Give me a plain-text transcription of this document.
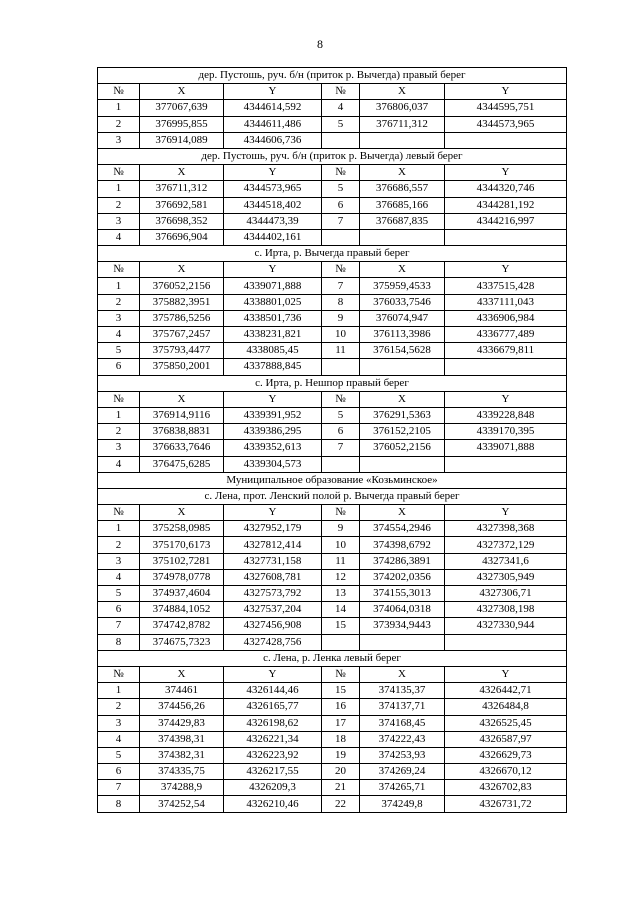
8
дер. Пустошь, руч. б/н (приток р. Вычегда) правый берег					
№	X	Y	№	X	Y
1	377067,639	4344614,592	4	376806,037	4344595,751
2	376995,855	4344611,486	5	376711,312	4344573,965
3	376914,089	4344606,736			
дер. Пустошь, руч. б/н (приток р. Вычегда) левый берег					
№	X	Y	№	X	Y
1	376711,312	4344573,965	5	376686,557	4344320,746
2	376692,581	4344518,402	6	376685,166	4344281,192
3	376698,352	4344473,39	7	376687,835	4344216,997
4	376696,904	4344402,161			
с. Ирта, р. Вычегда правый берег					
№	X	Y	№	X	Y
1	376052,2156	4339071,888	7	375959,4533	4337515,428
2	375882,3951	4338801,025	8	376033,7546	4337111,043
3	375786,5256	4338501,736	9	376074,947	4336906,984
4	375767,2457	4338231,821	10	376113,3986	4336777,489
5	375793,4477	4338085,45	11	376154,5628	4336679,811
6	375850,2001	4337888,845			
с. Ирта, р. Нешпор правый берег					
№	X	Y	№	X	Y
1	376914,9116	4339391,952	5	376291,5363	4339228,848
2	376838,8831	4339386,295	6	376152,2105	4339170,395
3	376633,7646	4339352,613	7	376052,2156	4339071,888
4	376475,6285	4339304,573			
Муниципальное образование «Козьминское»					
с. Лена, прот. Ленский полой р. Вычегда правый берег					
№	X	Y	№	X	Y
1	375258,0985	4327952,179	9	374554,2946	4327398,368
2	375170,6173	4327812,414	10	374398,6792	4327372,129
3	375102,7281	4327731,158	11	374286,3891	4327341,6
4	374978,0778	4327608,781	12	374202,0356	4327305,949
5	374937,4604	4327573,792	13	374155,3013	4327306,71
6	374884,1052	4327537,204	14	374064,0318	4327308,198
7	374742,8782	4327456,908	15	373934,9443	4327330,944
8	374675,7323	4327428,756			
с. Лена, р. Ленка левый берег					
№	X	Y	№	X	Y
1	374461	4326144,46	15	374135,37	4326442,71
2	374456,26	4326165,77	16	374137,71	4326484,8
3	374429,83	4326198,62	17	374168,45	4326525,45
4	374398,31	4326221,34	18	374222,43	4326587,97
5	374382,31	4326223,92	19	374253,93	4326629,73
6	374335,75	4326217,55	20	374269,24	4326670,12
7	374288,9	4326209,3	21	374265,71	4326702,83
8	374252,54	4326210,46	22	374249,8	4326731,72
